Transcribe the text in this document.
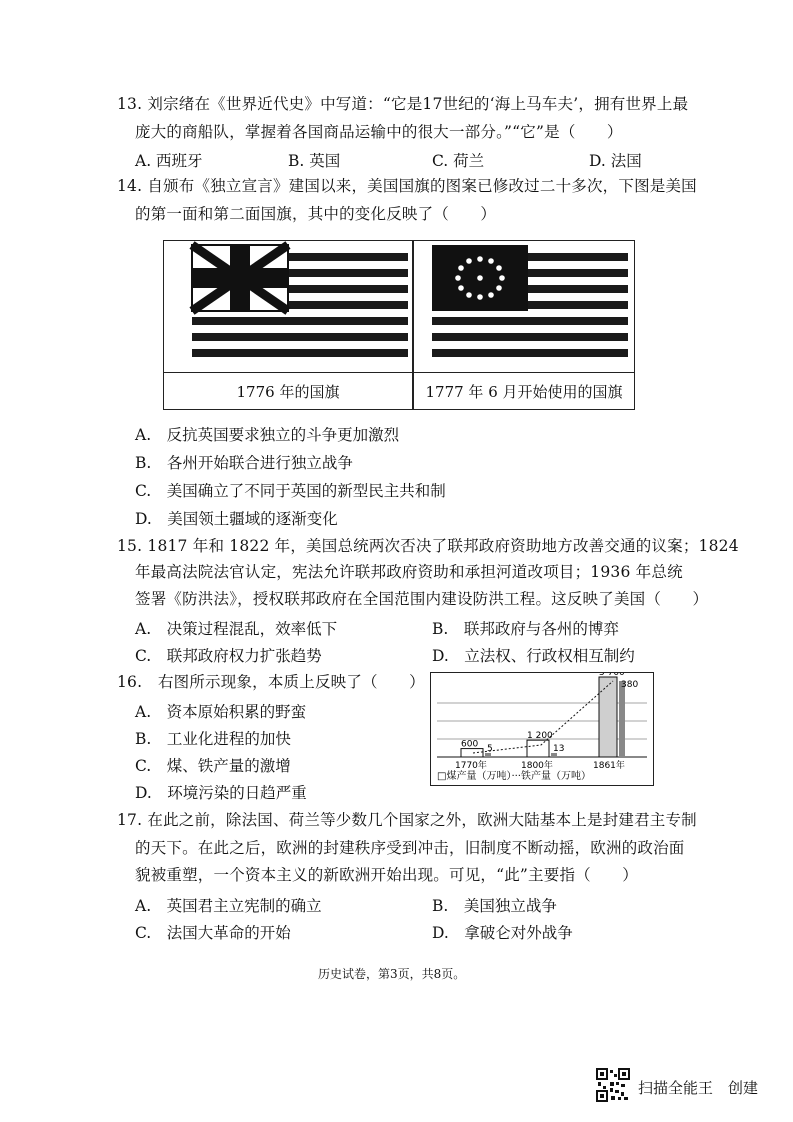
13. 刘宗绪在《世界近代史》中写道：“它是17世纪的‘海上马车夫’，拥有世界上最
庞大的商船队，掌握着各国商品运输中的很大一部分。”“它”是（　　）
A. 西班牙	B. 英国	C. 荷兰	D. 法国
14. 自颁布《独立宣言》建国以来，美国国旗的图案已修改过二十多次，下图是美国
的第一面和第二面国旗，其中的变化反映了（　　）
1776 年的国旗	1777 年 6 月开始使用的国旗
A.　反抗英国要求独立的斗争更加激烈
B.　各州开始联合进行独立战争
C.　美国确立了不同于英国的新型民主共和制
D.　美国领土疆域的逐渐变化
15. 1817 年和 1822 年，美国总统两次否决了联邦政府资助地方改善交通的议案；1824
年最高法院法官认定，宪法允许联邦政府资助和承担河道改项目；1936 年总统
签署《防洪法》，授权联邦政府在全国范围内建设防洪工程。这反映了美国（　　）
A.　决策过程混乱，效率低下	B.　联邦政府与各州的博弈
C.　联邦政府权力扩张趋势	D.　立法权、行政权相互制约
16.　右图所示现象，本质上反映了（　　）
A.　资本原始积累的野蛮
B.　工业化进程的加快
C.　煤、铁产量的激增
D.　环境污染的日趋严重
600
1 200
5 700
5	13
380
1770年	1800年	1861年
□煤产量（万吨）···铁产量（万吨）
17. 在此之前，除法国、荷兰等少数几个国家之外，欧洲大陆基本上是封建君主专制
的天下。在此之后，欧洲的封建秩序受到冲击，旧制度不断动摇，欧洲的政治面
貌被重塑，一个资本主义的新欧洲开始出现。可见，“此”主要指（　　）
A.　英国君主立宪制的确立	B.　美国独立战争
C.　法国大革命的开始	D.　拿破仑对外战争
历史试卷，第3页，共8页。
扫描全能王　创建
